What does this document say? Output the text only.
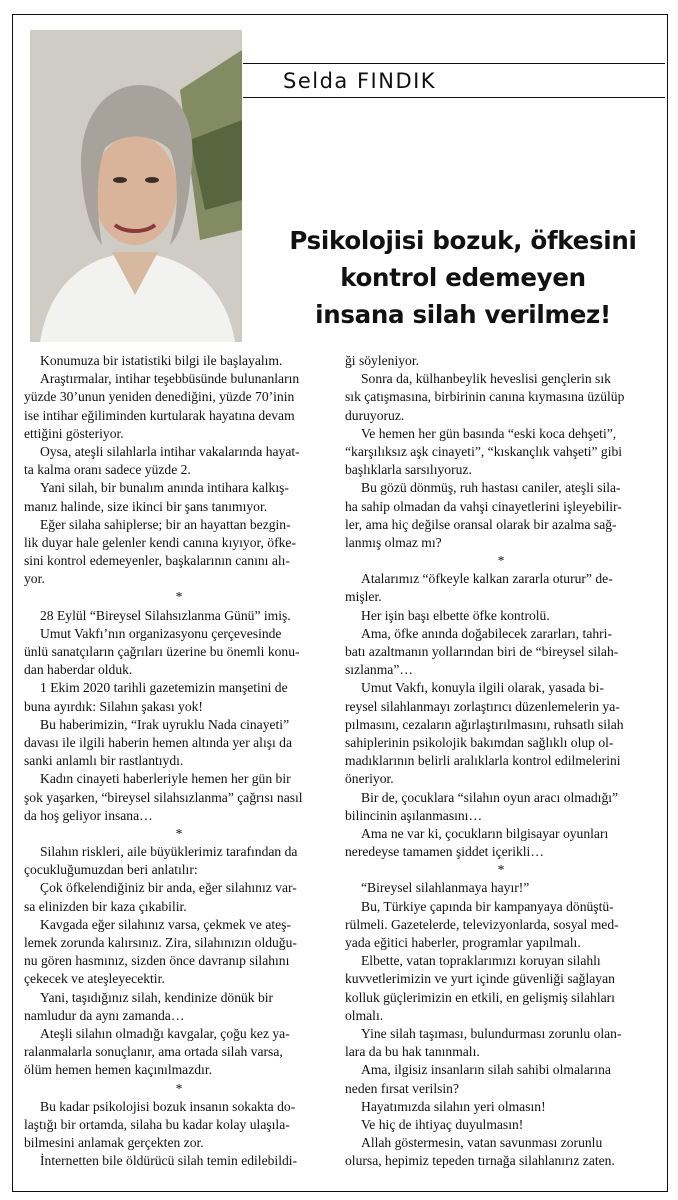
Selda FINDIK
Psikolojisi bozuk, öfkesini
kontrol edemeyen
insana silah verilmez!
Konumuza bir istatistiki bilgi ile başlayalım.
Araştırmalar, intihar teşebbüsünde bulunanların
yüzde 30’unun yeniden denediğini, yüzde 70’inin
ise intihar eğiliminden kurtularak hayatına devam
ettiğini gösteriyor.
Oysa, ateşli silahlarla intihar vakalarında hayat-
ta kalma oranı sadece yüzde 2.
Yani silah, bir bunalım anında intihara kalkış-
manız halinde, size ikinci bir şans tanımıyor.
Eğer silaha sahiplerse; bir an hayattan bezgin-
lik duyar hale gelenler kendi canına kıyıyor, öfke-
sini kontrol edemeyenler, başkalarının canını alı-
yor.
*
28 Eylül “Bireysel Silahsızlanma Günü” imiş.
Umut Vakfı’nın organizasyonu çerçevesinde
ünlü sanatçıların çağrıları üzerine bu önemli konu-
dan haberdar olduk.
1 Ekim 2020 tarihli gazetemizin manşetini de
buna ayırdık: Silahın şakası yok!
Bu haberimizin, “Irak uyruklu Nada cinayeti”
davası ile ilgili haberin hemen altında yer alışı da
sanki anlamlı bir rastlantıydı.
Kadın cinayeti haberleriyle hemen her gün bir
şok yaşarken, “bireysel silahsızlanma” çağrısı nasıl
da hoş geliyor insana…
*
Silahın riskleri, aile büyüklerimiz tarafından da
çocukluğumuzdan beri anlatılır:
Çok öfkelendiğiniz bir anda, eğer silahınız var-
sa elinizden bir kaza çıkabilir.
Kavgada eğer silahınız varsa, çekmek ve ateş-
lemek zorunda kalırsınız. Zira, silahınızın olduğu-
nu gören hasmınız, sizden önce davranıp silahını
çekecek ve ateşleyecektir.
Yani, taşıdığınız silah, kendinize dönük bir
namludur da aynı zamanda…
Ateşli silahın olmadığı kavgalar, çoğu kez ya-
ralanmalarla sonuçlanır, ama ortada silah varsa,
ölüm hemen hemen kaçınılmazdır.
*
Bu kadar psikolojisi bozuk insanın sokakta do-
laştığı bir ortamda, silaha bu kadar kolay ulaşıla-
bilmesini anlamak gerçekten zor.
İnternetten bile öldürücü silah temin edilebildi-
ği söyleniyor.
Sonra da, külhanbeylik heveslisi gençlerin sık
sık çatışmasına, birbirinin canına kıymasına üzülüp
duruyoruz.
Ve hemen her gün basında “eski koca dehşeti”,
“karşılıksız aşk cinayeti”, “kıskançlık vahşeti” gibi
başlıklarla sarsılıyoruz.
Bu gözü dönmüş, ruh hastası caniler, ateşli sila-
ha sahip olmadan da vahşi cinayetlerini işleyebilir-
ler, ama hiç değilse oransal olarak bir azalma sağ-
lanmış olmaz mı?
*
Atalarımız “öfkeyle kalkan zararla oturur” de-
mişler.
Her işin başı elbette öfke kontrolü.
Ama, öfke anında doğabilecek zararları, tahri-
batı azaltmanın yollarından biri de “bireysel silah-
sızlanma”…
Umut Vakfı, konuyla ilgili olarak, yasada bi-
reysel silahlanmayı zorlaştırıcı düzenlemelerin ya-
pılmasını, cezaların ağırlaştırılmasını, ruhsatlı silah
sahiplerinin psikolojik bakımdan sağlıklı olup ol-
madıklarının belirli aralıklarla kontrol edilmelerini
öneriyor.
Bir de, çocuklara “silahın oyun aracı olmadığı”
bilincinin aşılanmasını…
Ama ne var ki, çocukların bilgisayar oyunları
neredeyse tamamen şiddet içerikli…
*
“Bireysel silahlanmaya hayır!”
Bu, Türkiye çapında bir kampanyaya dönüştü-
rülmeli. Gazetelerde, televizyonlarda, sosyal med-
yada eğitici haberler, programlar yapılmalı.
Elbette, vatan topraklarımızı koruyan silahlı
kuvvetlerimizin ve yurt içinde güvenliği sağlayan
kolluk güçlerimizin en etkili, en gelişmiş silahları
olmalı.
Yine silah taşıması, bulundurması zorunlu olan-
lara da bu hak tanınmalı.
Ama, ilgisiz insanların silah sahibi olmalarına
neden fırsat verilsin?
Hayatımızda silahın yeri olmasın!
Ve hiç de ihtiyaç duyulmasın!
Allah göstermesin, vatan savunması zorunlu
olursa, hepimiz tepeden tırnağa silahlanırız zaten.
